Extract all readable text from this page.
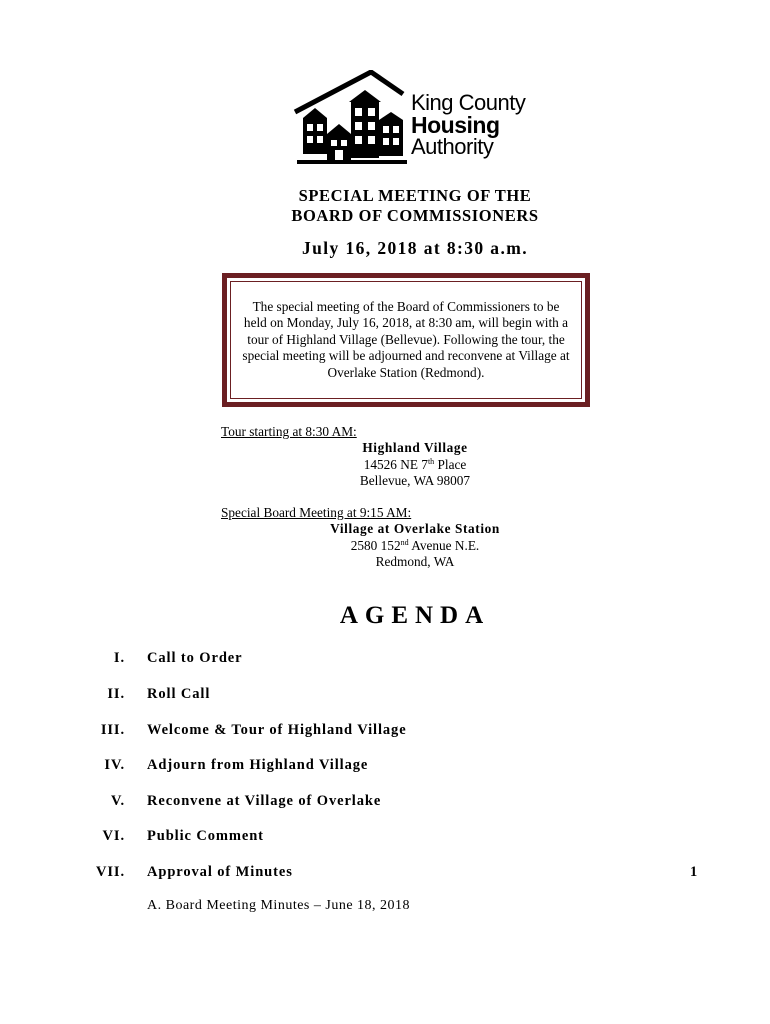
King County
Housing
Authority
SPECIAL MEETING OF THE
BOARD OF COMMISSIONERS
July 16, 2018 at 8:30 a.m.
The special meeting of the Board of Commissioners to be held on Monday, July 16, 2018, at 8:30 am, will begin with a tour of Highland Village (Bellevue). Following the tour, the special meeting will be adjourned and reconvene at Village at Overlake Station (Redmond).
Tour starting at 8:30 AM:
Highland Village
14526 NE 7th Place
Bellevue, WA 98007
Special Board Meeting at 9:15 AM:
Village at Overlake Station
2580 152nd Avenue N.E.
Redmond, WA
AGENDA
I. Call to Order
II. Roll Call
III. Welcome & Tour of Highland Village
IV. Adjourn from Highland Village
V. Reconvene at Village of Overlake
VI. Public Comment
VII. Approval of Minutes	1
A. Board Meeting Minutes – June 18, 2018
